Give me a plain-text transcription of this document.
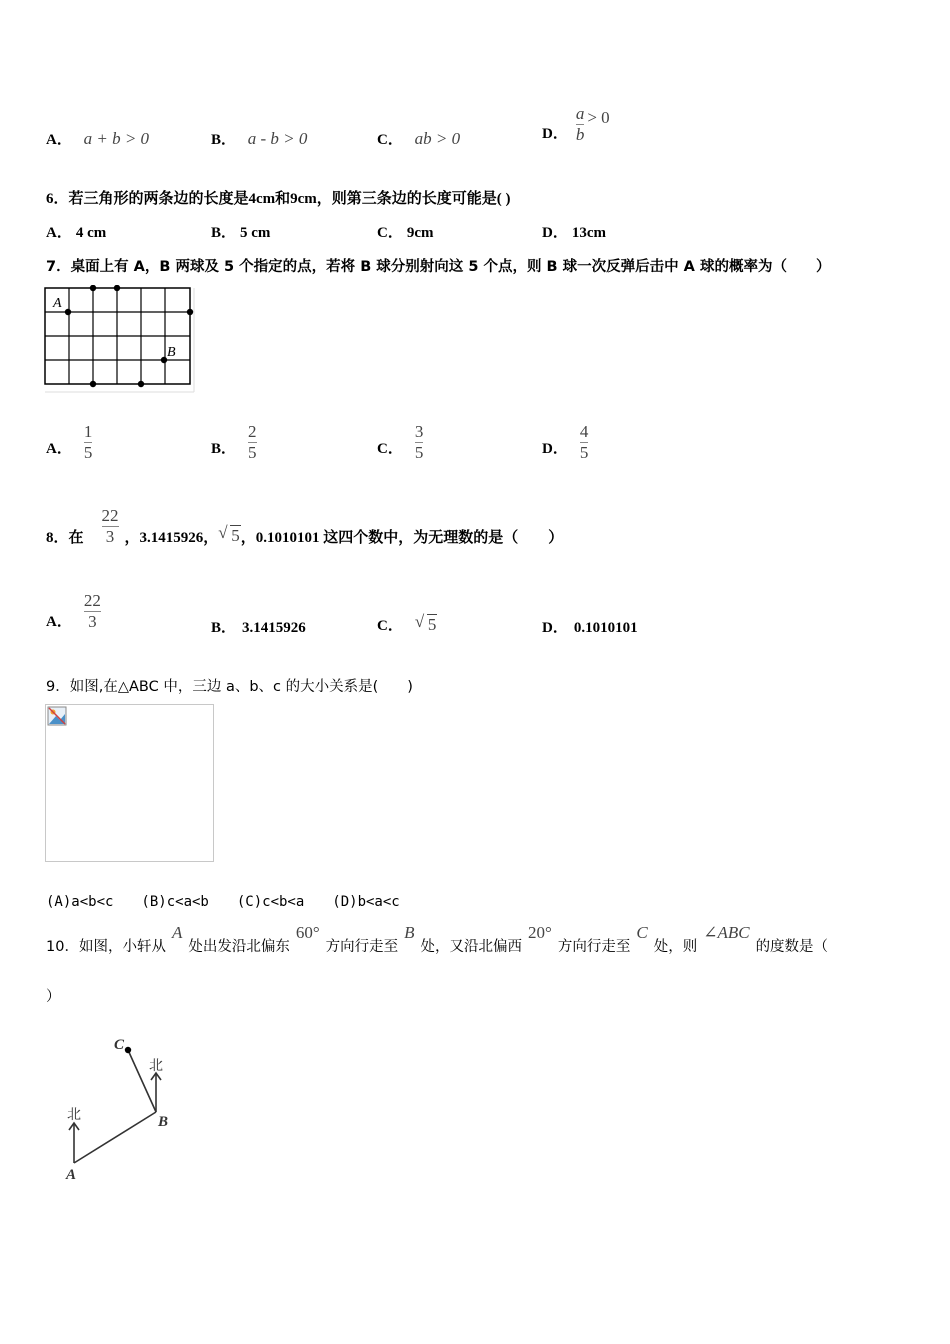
A． a + b > 0	B． a - b > 0	C． ab > 0	D． $\frac{a}{b} > 0$
6．若三角形的两条边的长度是4cm和9cm，则第三条边的长度可能是( )
A． 4 cm	B． 5 cm	C． 9cm	D． 13cm
7．桌面上有 A，B 两球及 5 个指定的点，若将 B 球分别射向这 5 个点，则 B 球一次反弹后击中 A 球的概率为（　　）
A
B
A． $\frac{1}{5}$	B． $\frac{2}{5}$	C． $\frac{3}{5}$	D． $\frac{4}{5}$
8．在 $\frac{22}{3}$ ，3.1415926， √ 5 ，0.1010101 这四个数中，为无理数的是（　　）
A． $\frac{22}{3}$	B． 3.1415926	C． √ 5	D． 0.1010101
9．如图,在△ABC 中，三边 a、b、c 的大小关系是(　　)
(A)a<b<c　　(B)c<a<b　　(C)c<b<a　　(D)b<a<c
10．如图，小轩从A处出发沿北偏东60°方向行走至B处，又沿北偏西20°方向行走至C处，则∠ABC的度数是（
）
C
北
北	B
A
